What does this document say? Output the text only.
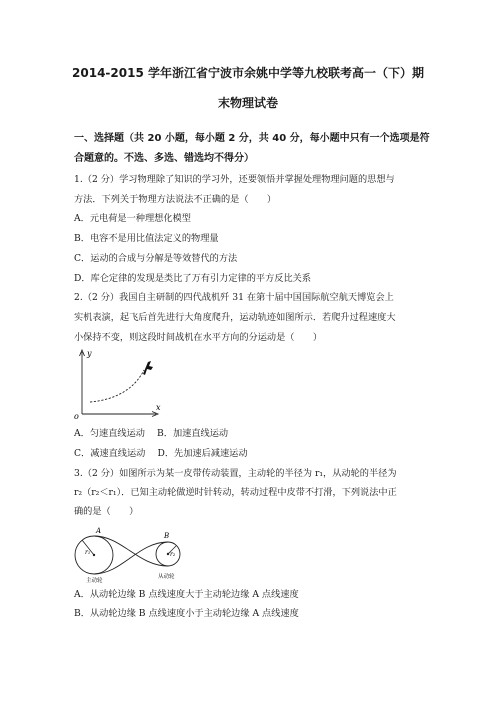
2014-2015 学年浙江省宁波市余姚中学等九校联考高一（下）期
末物理试卷
一、选择题（共 20 小题，每小题 2 分，共 40 分，每小题中只有一个选项是符
合题意的。不选、多选、错选均不得分）
1.（2 分）学习物理除了知识的学习外，还要领悟并掌握处理物理问题的思想与
方法．下列关于物理方法说法不正确的是（　　）
A．元电荷是一种理想化模型
B．电容不是用比值法定义的物理量
C．运动的合成与分解是等效替代的方法
D．库仑定律的发现是类比了万有引力定律的平方反比关系
2.（2 分）我国自主研制的四代战机歼 31 在第十届中国国际航空航天博览会上
实机表演，起飞后首先进行大角度爬升，运动轨迹如图所示．若爬升过程速度大
小保持不变，则这段时间战机在水平方向的分运动是（　　）
y
x
o
A．匀速直线运动　 B．加速直线运动
C．减速直线运动　 D．先加速后减速运动
3.（2 分）如图所示为某一皮带传动装置，主动轮的半径为 r₁，从动轮的半径为
r₂（r₂＜r₁）．已知主动轮做逆时针转动，转动过程中皮带不打滑，下列说法中正
确的是（　　）
A
B
r₁	r₂
主动轮
从动轮
A．从动轮边缘 B 点线速度大于主动轮边缘 A 点线速度
B．从动轮边缘 B 点线速度小于主动轮边缘 A 点线速度
